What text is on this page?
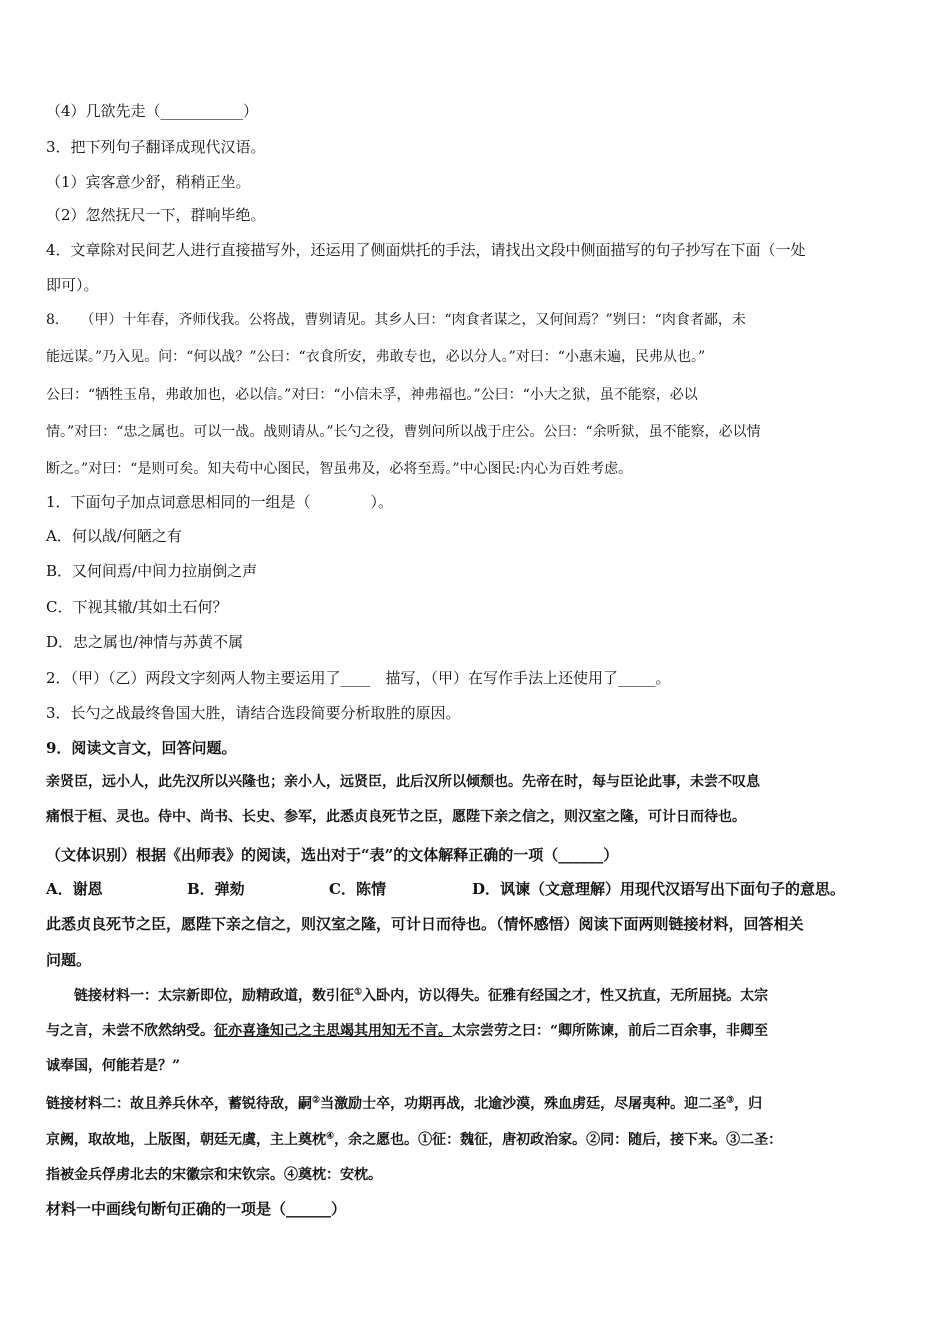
（4）几欲先走（___________）
3．把下列句子翻译成现代汉语。
（1）宾客意少舒，稍稍正坐。
（2）忽然抚尺一下，群响毕绝。
4．文章除对民间艺人进行直接描写外，还运用了侧面烘托的手法，请找出文段中侧面描写的句子抄写在下面（一处
即可）。
8.　　（甲）十年春，齐师伐我。公将战，曹刿请见。其乡人曰：“肉食者谋之，又何间焉？”刿曰：“肉食者鄙，未
能远谋。”乃入见。问：“何以战？”公曰：“衣食所安，弗敢专也，必以分人。”对曰：“小惠未遍，民弗从也。”
公曰：“牺牲玉帛，弗敢加也，必以信。”对曰：“小信未孚，神弗福也。”公曰：“小大之狱，虽不能察，必以
情。”对曰：“忠之属也。可以一战。战则请从。”长勺之役，曹刿问所以战于庄公。公曰：“余听狱，虽不能察，必以情
断之。”对曰：“是则可矣。知夫苟中心图民，智虽弗及，必将至焉。”中心图民:内心为百姓考虑。
1．下面句子加点词意思相同的一组是（　　　　）。
A．何以战/何陋之有
B．又何间焉/中间力拉崩倒之声
C．下视其辙/其如土石何？
D．忠之属也/神情与苏黄不属
2．（甲）（乙）两段文字刻两人物主要运用了____　描写，（甲）在写作手法上还使用了_____。
3．长勺之战最终鲁国大胜，请结合选段简要分析取胜的原因。
9．阅读文言文，回答问题。
亲贤臣，远小人，此先汉所以兴隆也；亲小人，远贤臣，此后汉所以倾颓也。先帝在时，每与臣论此事，未尝不叹息
痛恨于桓、灵也。侍中、尚书、长史、参军，此悉贞良死节之臣，愿陛下亲之信之，则汉室之隆，可计日而待也。
（文体识别）根据《出师表》的阅读，选出对于“表”的文体解释正确的一项（______）
A．谢恩	B．弹劾	C．陈情	D．讽谏（文意理解）用现代汉语写出下面句子的意思。
此悉贞良死节之臣，愿陛下亲之信之，则汉室之隆，可计日而待也。（情怀感悟）阅读下面两则链接材料，回答相关
问题。
　　链接材料一：太宗新即位，励精政道，数引征①入卧内，访以得失。征雅有经国之才，性又抗直，无所屈挠。太宗
与之言，未尝不欣然纳受。征亦喜逢知己之主思竭其用知无不言。太宗尝劳之曰：“卿所陈谏，前后二百余事，非卿至
诚奉国，何能若是？”
链接材料二：故且养兵休卒，蓄锐待敌，嗣②当激励士卒，功期再战，北逾沙漠，殊血虏廷，尽屠夷种。迎二圣③，归
京阙，取故地，上版图，朝廷无虞，主上奠枕④，余之愿也。①征：魏征，唐初政治家。②同：随后，接下来。③二圣：
指被金兵俘虏北去的宋徽宗和宋钦宗。④奠枕：安枕。
材料一中画线句断句正确的一项是（______）
